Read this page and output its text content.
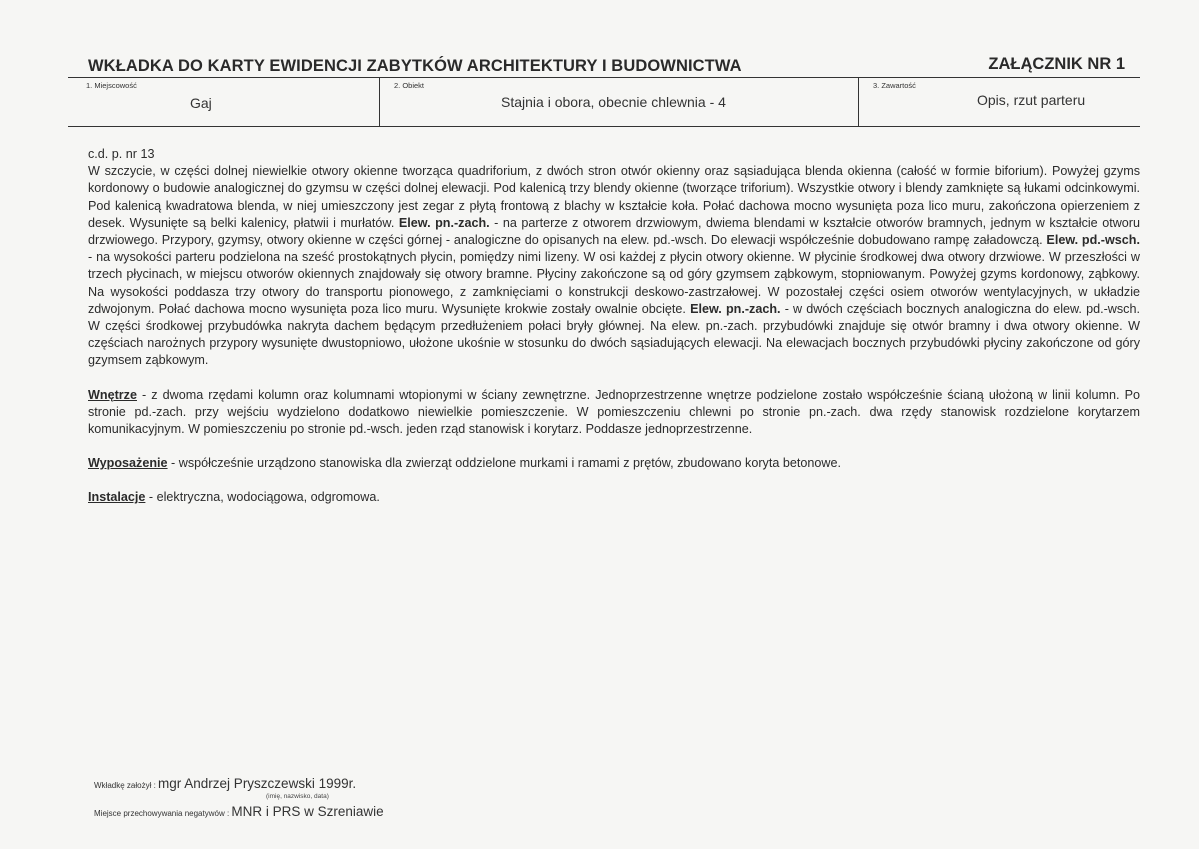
WKŁADKA DO KARTY EWIDENCJI ZABYTKÓW ARCHITEKTURY I BUDOWNICTWA	ZAŁĄCZNIK NR 1
1. Miejscowość
Gaj
2. Obiekt
Stajnia i obora, obecnie chlewnia - 4
3. Zawartość
Opis, rzut parteru

c.d. p. nr 13

W szczycie, w części dolnej niewielkie otwory okienne tworząca quadriforium, z dwóch stron otwór okienny oraz sąsiadująca blenda okienna (całość w formie biforium). Powyżej gzyms kordonowy o budowie analogicznej do gzymsu w części dolnej elewacji. Pod kalenicą trzy blendy okienne (tworzące triforium). Wszystkie otwory i blendy zamknięte są łukami odcinkowymi. Pod kalenicą kwadratowa blenda, w niej umieszczony jest zegar z płytą frontową z blachy w kształcie koła. Połać dachowa mocno wysunięta poza lico muru, zakończona opierzeniem z desek. Wysunięte są belki kalenicy, płatwii i murłatów. Elew. pn.-zach. - na parterze z otworem drzwiowym, dwiema blendami w kształcie otworów bramnych, jednym w kształcie otworu drzwiowego. Przypory, gzymsy, otwory okienne w części górnej - analogiczne do opisanych na elew. pd.-wsch. Do elewacji współcześnie dobudowano rampę załadowczą. Elew. pd.-wsch. - na wysokości parteru podzielona na sześć prostokątnych płycin, pomiędzy nimi lizeny. W osi każdej z płycin otwory okienne. W płycinie środkowej dwa otwory drzwiowe. W przeszłości w trzech płycinach, w miejscu otworów okiennych znajdowały się otwory bramne. Płyciny zakończone są od góry gzymsem ząbkowym, stopniowanym. Powyżej gzyms kordonowy, ząbkowy. Na wysokości poddasza trzy otwory do transportu pionowego, z zamknięciami o konstrukcji deskowo-zastrzałowej. W pozostałej części osiem otworów wentylacyjnych, w układzie zdwojonym. Połać dachowa mocno wysunięta poza lico muru. Wysunięte krokwie zostały owalnie obcięte. Elew. pn.-zach. - w dwóch częściach bocznych analogiczna do elew. pd.-wsch. W części środkowej przybudówka nakryta dachem będącym przedłużeniem połaci bryły głównej. Na elew. pn.-zach. przybudówki znajduje się otwór bramny i dwa otwory okienne. W częściach narożnych przypory wysunięte dwustopniowo, ułożone ukośnie w stosunku do dwóch sąsiadujących elewacji. Na elewacjach bocznych przybudówki płyciny zakończone od góry gzymsem ząbkowym.

Wnętrze - z dwoma rzędami kolumn oraz kolumnami wtopionymi w ściany zewnętrzne. Jednoprzestrzenne wnętrze podzielone zostało współcześnie ścianą ułożoną w linii kolumn. Po stronie pd.-zach. przy wejściu wydzielono dodatkowo niewielkie pomieszczenie. W pomieszczeniu chlewni po stronie pn.-zach. dwa rzędy stanowisk rozdzielone korytarzem komunikacyjnym. W pomieszczeniu po stronie pd.-wsch. jeden rząd stanowisk i korytarz. Poddasze jednoprzestrzenne.

Wyposażenie - współcześnie urządzono stanowiska dla zwierząt oddzielone murkami i ramami z prętów, zbudowano koryta betonowe.

Instalacje - elektryczna, wodociągowa, odgromowa.

Wkładkę założył : mgr Andrzej Pryszczewski 1999r.
(imię, nazwisko, data)
Miejsce przechowywania negatywów : MNR i PRS w Szreniawie
